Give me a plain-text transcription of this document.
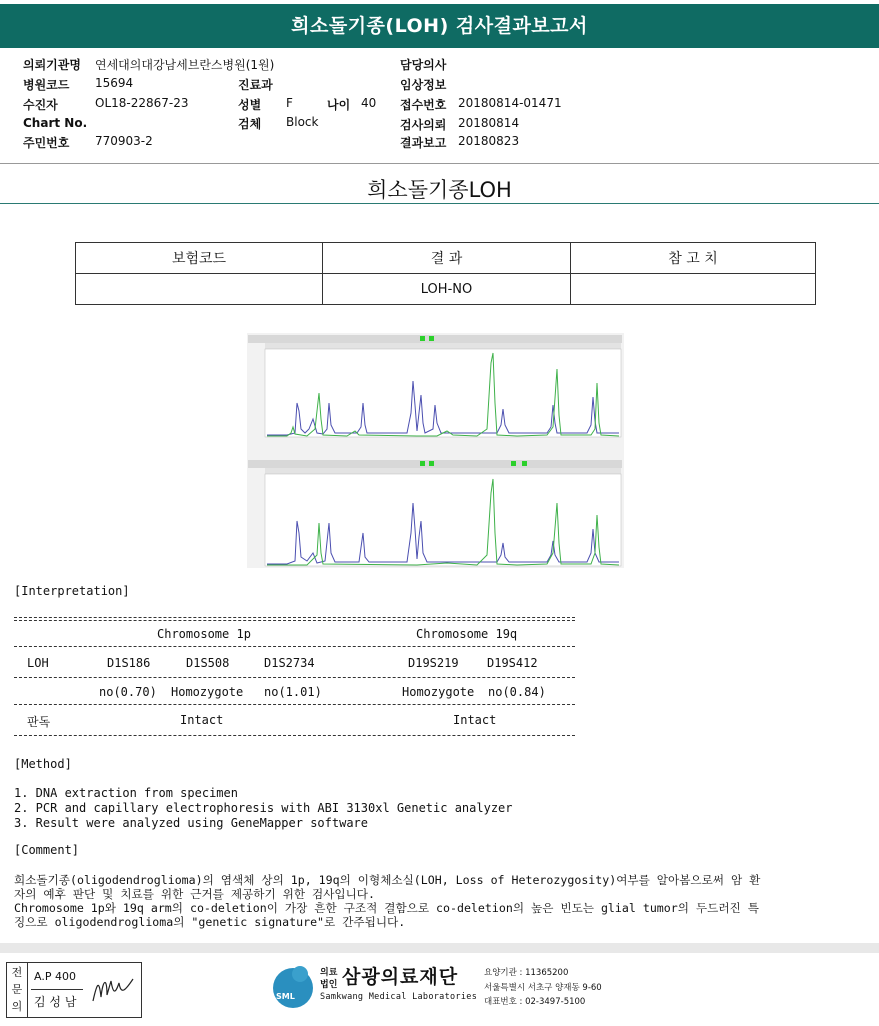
희소돌기종(LOH) 검사결과보고서
의뢰기관명 연세대의대강남세브란스병원(1원)
병원코드 15694
수진자	OL18-22867-23
Chart No.
주민번호 770903-2
진료과
성별 F	나이 40
검체 Block
담당의사
임상정보
접수번호 20180814-01471
검사의뢰 20180814
결과보고 20180823
희소돌기종LOH
보험코드	결 과	참 고 치
	LOH-NO	
[Interpretation]
Chromosome 1p	Chromosome 19q
LOH	D1S186	D1S508	D1S2734	D19S219 D19S412
no(0.70) Homozygote no(1.01)	Homozygote no(0.84)
판독	Intact	Intact
[Method]
1. DNA extraction from specimen
2. PCR and capillary electrophoresis with ABI 3130xl Genetic analyzer
3. Result were analyzed using GeneMapper software
[Comment]
희소돌기종(oligodendroglioma)의 염색체 상의 1p, 19q의 이형체소실(LOH, Loss of Heterozygosity)여부를 알아봄으로써 암 환
자의 예후 판단 및 치료를 위한 근거를 제공하기 위한 검사입니다.
Chromosome 1p와 19q arm의 co-deletion이 가장 흔한 구조적 결함으로 co-deletion의 높은 빈도는 glial tumor의 두드러진 특
징으로 oligodendroglioma의 "genetic signature"로 간주됩니다.
전
문
의
A.P 400
김 성 남	SML
의료
법인 삼광의료재단
Samkwang Medical Laboratories
요양기관 : 11365200
서울특별시 서초구 양재동 9-60
대표번호 : 02-3497-5100
